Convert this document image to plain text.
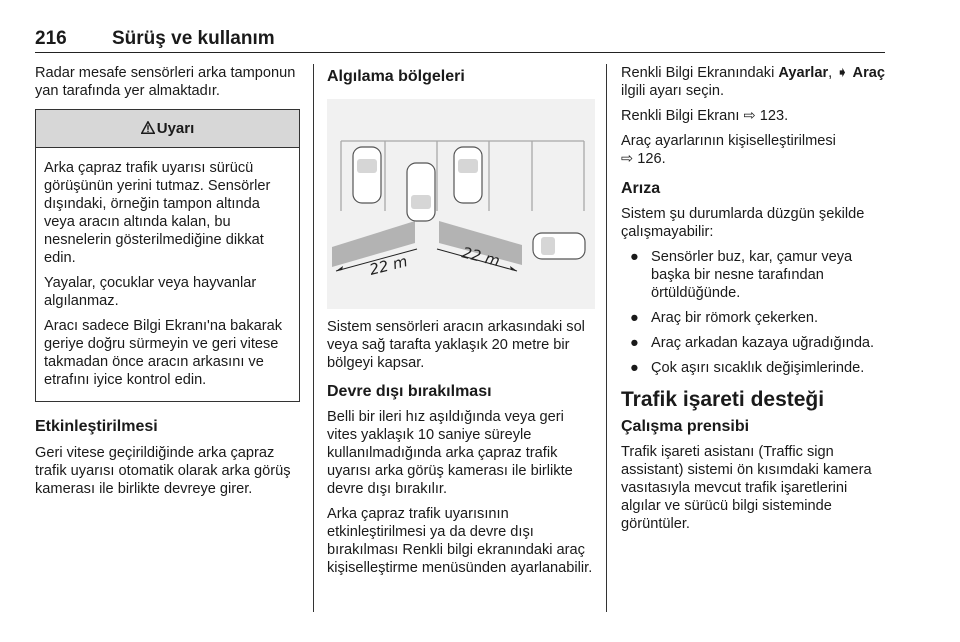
216 Sürüş ve kullanım

Radar mesafe sensörleri arka tamponun yan tarafında yer almaktadır.

Uyarı

Arka çapraz trafik uyarısı sürücü görüşünün yerini tutmaz. Sensörler dışındaki, örneğin tampon altında veya aracın altında kalan, bu nesnelerin gösterilmediğine dikkat edin.

Yayalar, çocuklar veya hayvanlar algılanmaz.

Aracı sadece Bilgi Ekranı'na bakarak geriye doğru sürmeyin ve geri vitese takmadan önce aracın arkasını ve etrafını iyice kontrol edin.

Etkinleştirilmesi

Geri vitese geçirildiğinde arka çapraz trafik uyarısı otomatik olarak arka görüş kamerası ile birlikte devreye girer.

Algılama bölgeleri
22 m	22 m

Sistem sensörleri aracın arkasındaki sol veya sağ tarafta yaklaşık 20 metre bir bölgeyi kapsar.

Devre dışı bırakılması

Belli bir ileri hız aşıldığında veya geri vites yaklaşık 10 saniye süreyle kullanılmadığında arka çapraz trafik uyarısı arka görüş kamerası ile birlikte devre dışı bırakılır.

Arka çapraz trafik uyarısının etkinleştirilmesi ya da devre dışı bırakılması Renkli bilgi ekranındaki araç kişiselleştirme menüsünden ayarlanabilir.

Renkli Bilgi Ekranındaki Ayarlar, ➧ Araç ilgili ayarı seçin.

Renkli Bilgi Ekranı ⇨ 123.

Araç ayarlarının kişiselleştirilmesi
⇨ 126.

Arıza

Sistem şu durumlarda düzgün şekilde çalışmayabilir:

● Sensörler buz, kar, çamur veya başka bir nesne tarafından örtüldüğünde.
● Araç bir römork çekerken.
● Araç arkadan kazaya uğradığında.
● Çok aşırı sıcaklık değişimlerinde.
Trafik işareti desteği
Çalışma prensibi

Trafik işareti asistanı (Traffic sign assistant) sistemi ön kısımdaki kamera vasıtasıyla mevcut trafik işaretlerini algılar ve sürücü bilgi sisteminde görüntüler.
